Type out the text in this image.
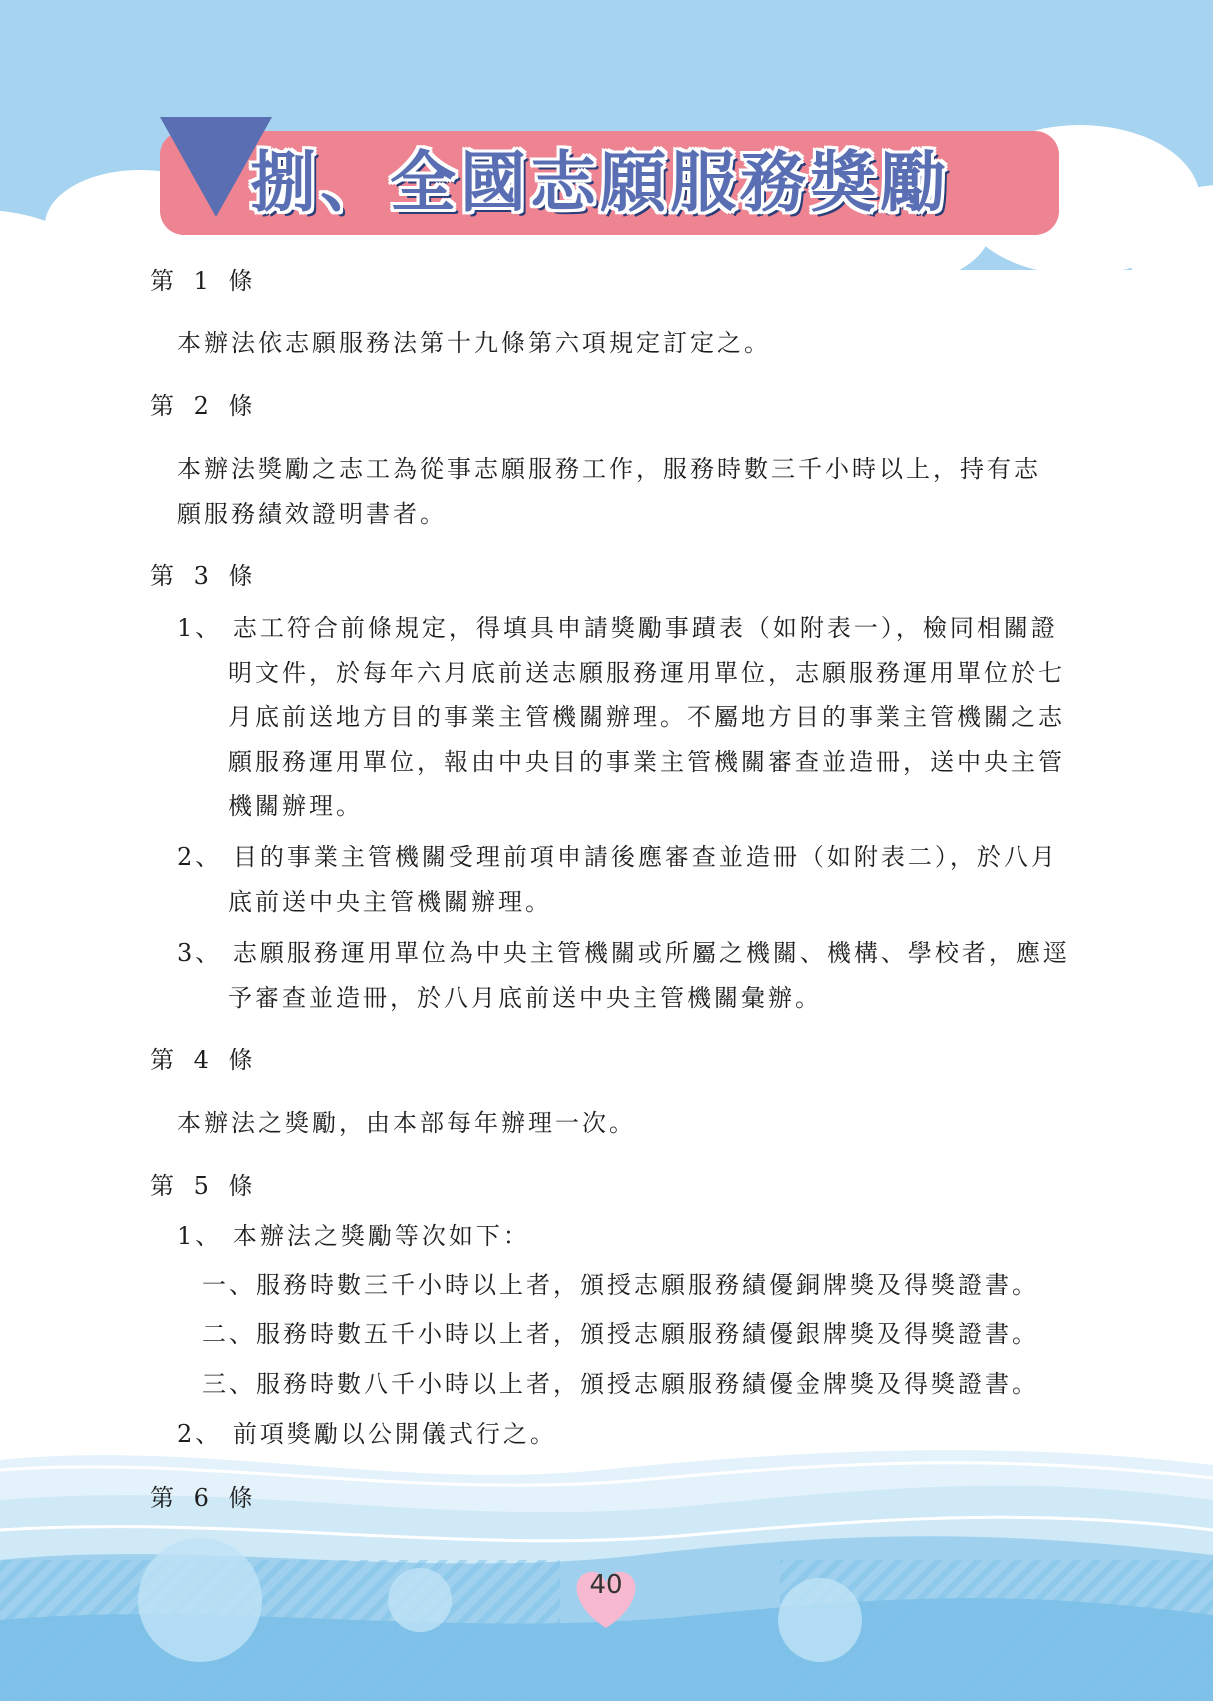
捌、全國志願服務獎勵
第 1 條
本辦法依志願服務法第十九條第六項規定訂定之。
第 2 條
本辦法獎勵之志工為從事志願服務工作，服務時數三千小時以上，持有志
願服務績效證明書者。
第 3 條
1、 志工符合前條規定，得填具申請獎勵事蹟表（如附表一），檢同相關證
明文件，於每年六月底前送志願服務運用單位，志願服務運用單位於七
月底前送地方目的事業主管機關辦理。不屬地方目的事業主管機關之志
願服務運用單位，報由中央目的事業主管機關審查並造冊，送中央主管
機關辦理。
2、 目的事業主管機關受理前項申請後應審查並造冊（如附表二），於八月
底前送中央主管機關辦理。
3、 志願服務運用單位為中央主管機關或所屬之機關、機構、學校者，應逕
予審查並造冊，於八月底前送中央主管機關彙辦。
第 4 條
本辦法之獎勵，由本部每年辦理一次。
第 5 條
1、 本辦法之獎勵等次如下：
一、服務時數三千小時以上者，頒授志願服務績優銅牌獎及得獎證書。
二、服務時數五千小時以上者，頒授志願服務績優銀牌獎及得獎證書。
三、服務時數八千小時以上者，頒授志願服務績優金牌獎及得獎證書。
2、 前項獎勵以公開儀式行之。
第 6 條
40
